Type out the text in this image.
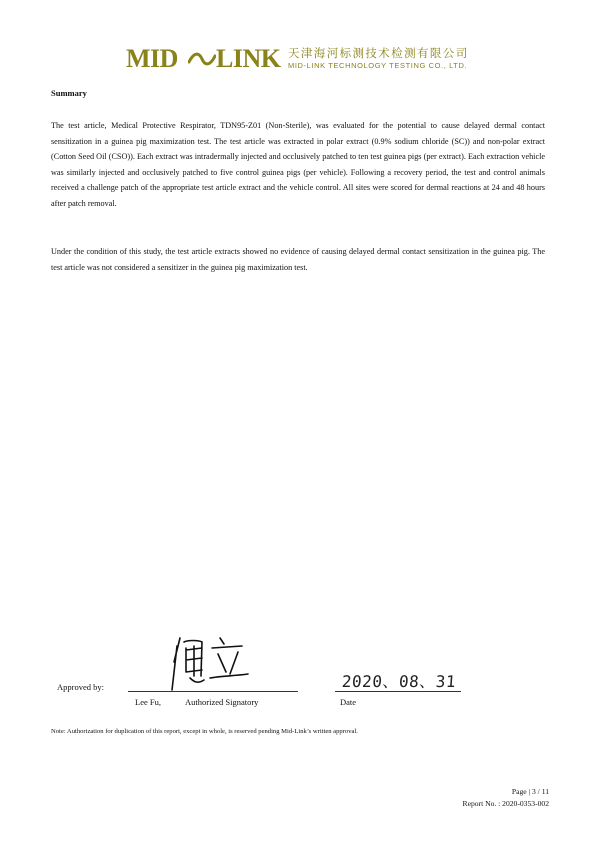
MID LINK 天津海河标测技术检测有限公司
MID-LINK TECHNOLOGY TESTING CO., LTD.
Summary

The test article, Medical Protective Respirator, TDN95-Z01 (Non-Sterile), was evaluated for the potential to cause delayed dermal contact sensitization in a guinea pig maximization test. The test article was extracted in polar extract (0.9% sodium chloride (SC)) and non-polar extract (Cotton Seed Oil (CSO)). Each extract was intradermally injected and occlusively patched to ten test guinea pigs (per extract). Each extraction vehicle was similarly injected and occlusively patched to five control guinea pigs (per vehicle). Following a recovery period, the test and control animals received a challenge patch of the appropriate test article extract and the vehicle control. All sites were scored for dermal reactions at 24 and 48 hours after patch removal.

Under the condition of this study, the test article extracts showed no evidence of causing delayed dermal contact sensitization in the guinea pig. The test article was not considered a sensitizer in the guinea pig maximization test.

Approved by:	2020、08、31
Lee Fu,	Authorized Signatory	Date
Note: Authorization for duplication of this report, except in whole, is reserved pending Mid-Link’s written approval.
Page | 3 / 11
Report No. : 2020-0353-002
